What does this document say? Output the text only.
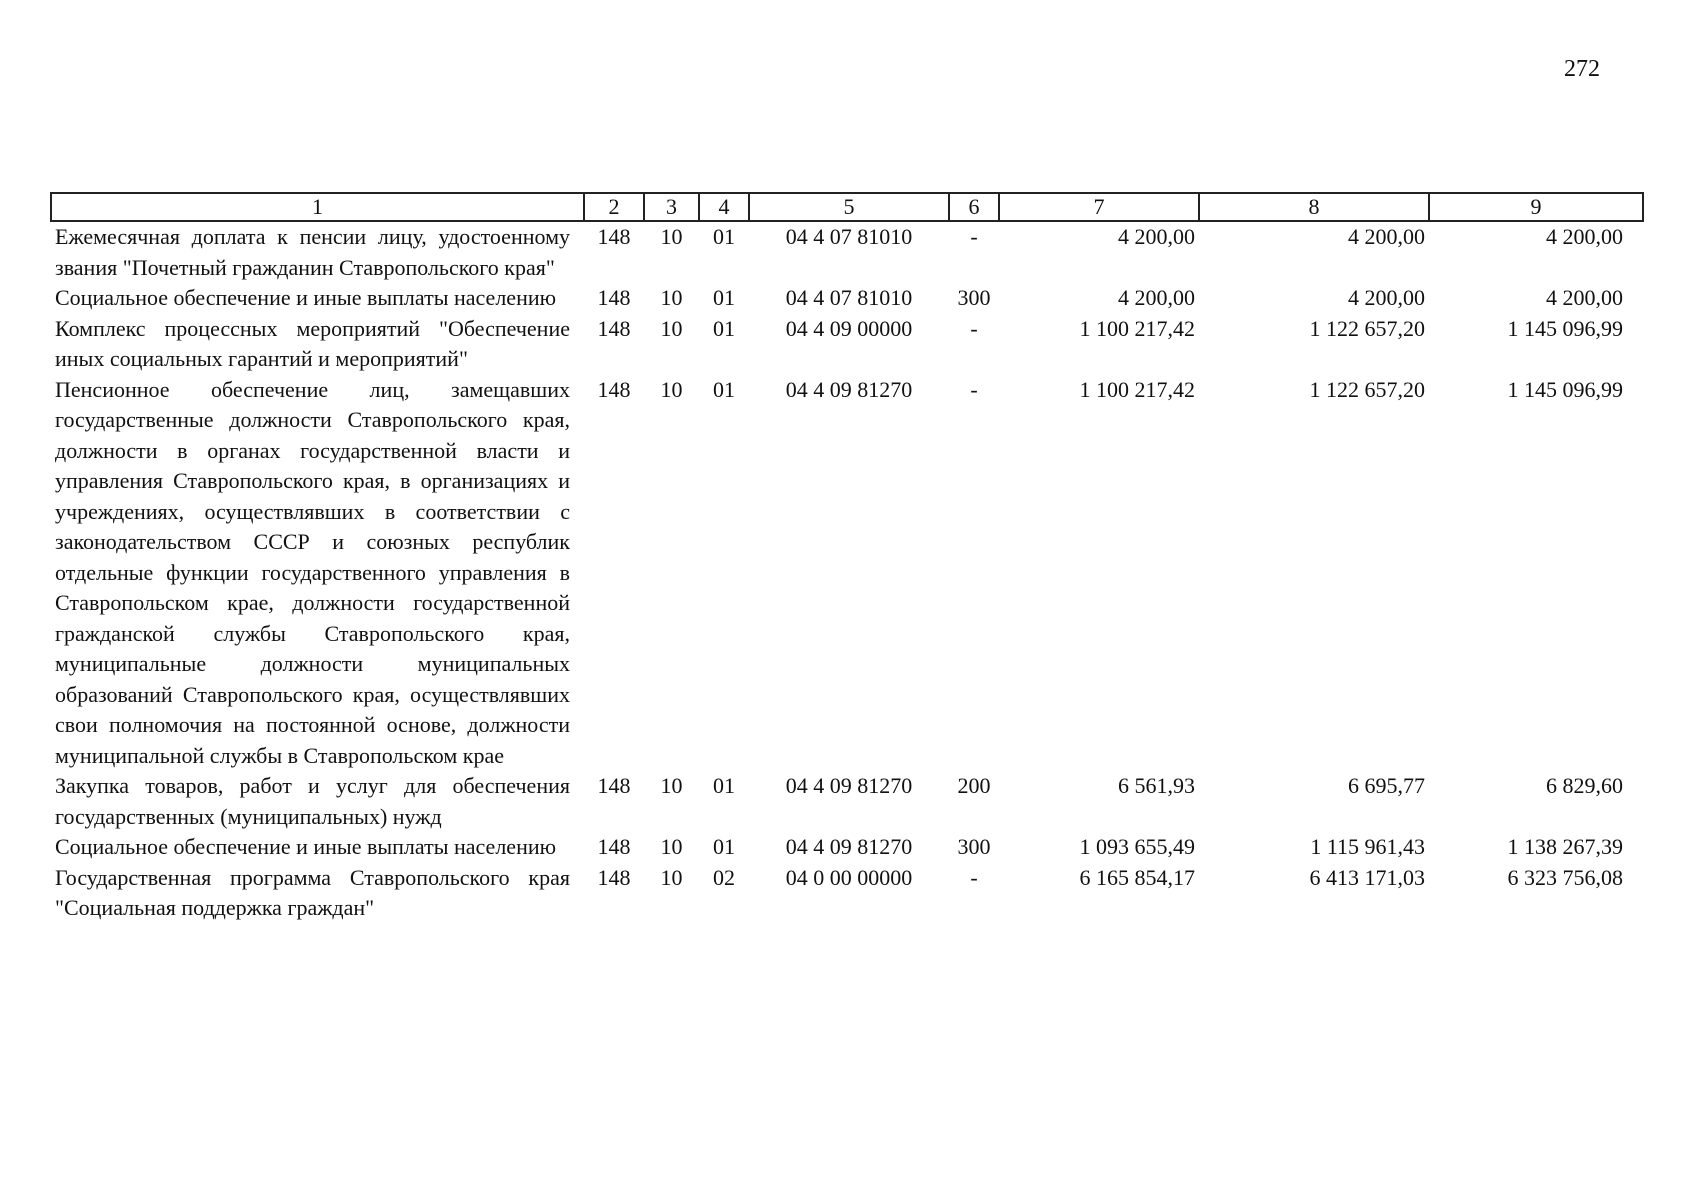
272
1	2	3	4	5	6	7	8	9
Ежемесячная доплата к пенсии лицу, удостоенному звания "Почетный гражданин Ставропольского края"	148	10	01	04 4 07 81010	-	4 200,00	4 200,00	4 200,00
Социальное обеспечение и иные выплаты населению	148	10	01	04 4 07 81010	300	4 200,00	4 200,00	4 200,00
Комплекс процессных мероприятий "Обеспечение иных социальных гарантий и мероприятий"	148	10	01	04 4 09 00000	-	1 100 217,42	1 122 657,20	1 145 096,99
Пенсионное обеспечение лиц, замещавших государственные должности Ставропольского края, должности в органах государственной власти и управления Ставропольского края, в организациях и учреждениях, осуществлявших в соответствии с законодательством СССР и союзных республик отдельные функции государственного управления в Ставропольском крае, должности государственной гражданской службы Ставропольского края, муниципальные должности муниципальных образований Ставропольского края, осуществлявших свои полномочия на постоянной основе, должности муниципальной службы в Ставропольском крае	148	10	01	04 4 09 81270	-	1 100 217,42	1 122 657,20	1 145 096,99
Закупка товаров, работ и услуг для обеспечения государственных (муниципальных) нужд	148	10	01	04 4 09 81270	200	6 561,93	6 695,77	6 829,60
Социальное обеспечение и иные выплаты населению	148	10	01	04 4 09 81270	300	1 093 655,49	1 115 961,43	1 138 267,39
Государственная программа Ставропольского края "Социальная поддержка граждан"	148	10	02	04 0 00 00000	-	6 165 854,17	6 413 171,03	6 323 756,08
